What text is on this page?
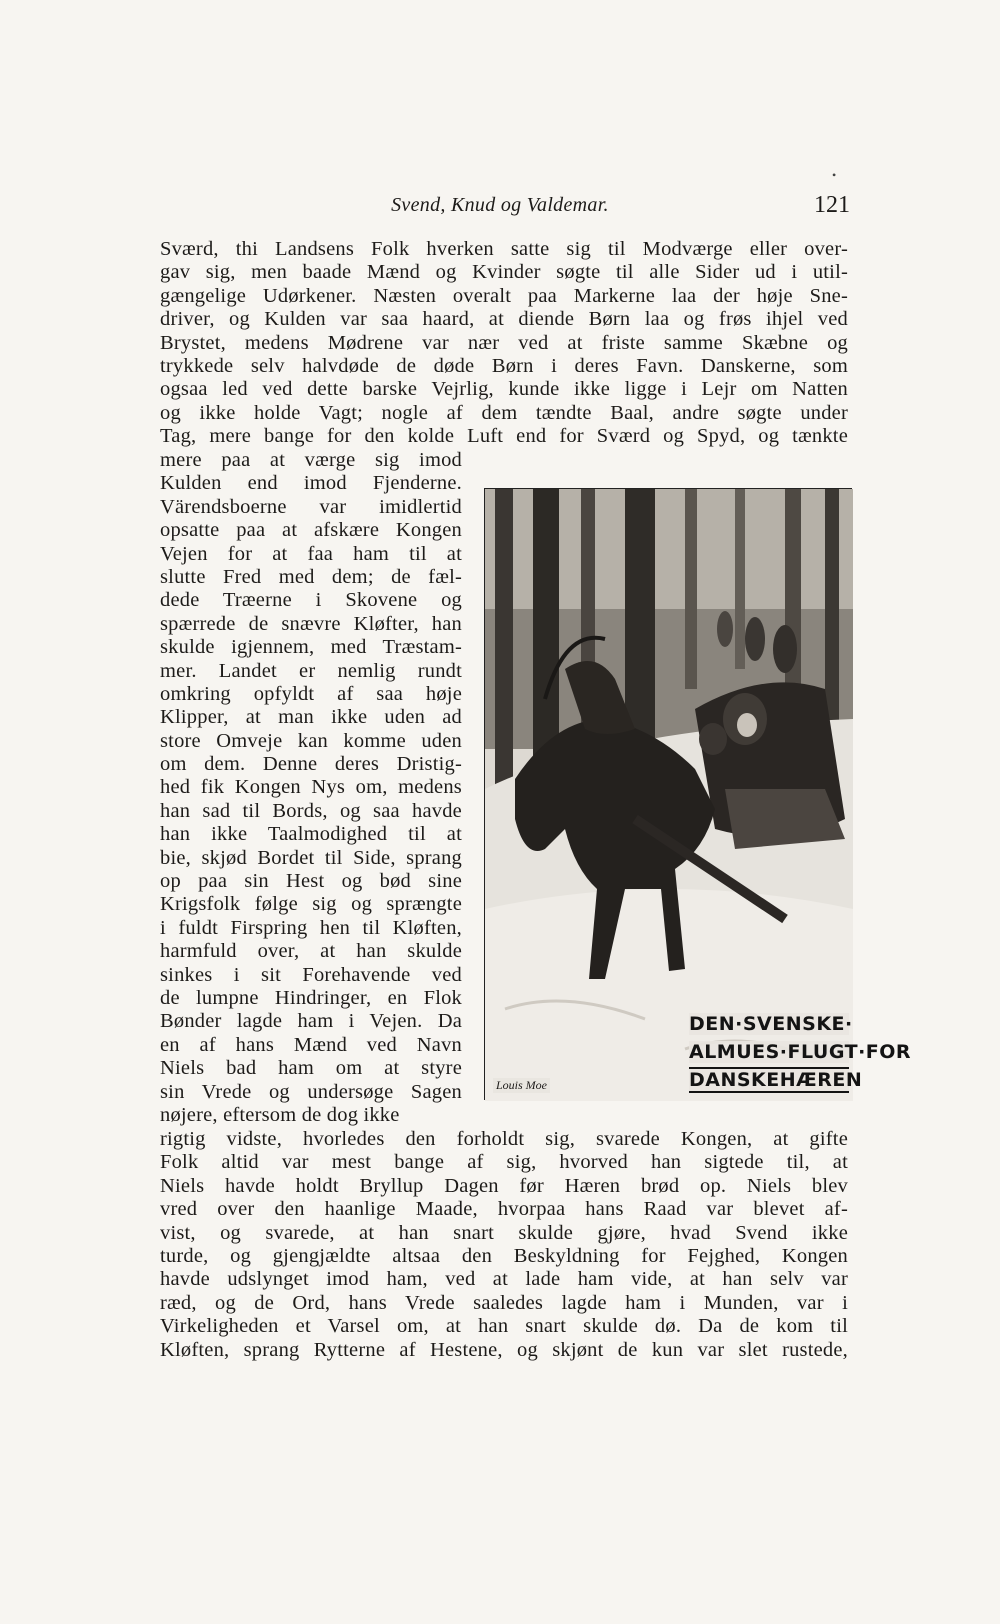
•
Svend, Knud og Valdemar.	121
Sværd, thi Landsens Folk hverken satte sig til Modværge eller over-
gav sig, men baade Mænd og Kvinder søgte til alle Sider ud i util-
gængelige Udørkener. Næsten overalt paa Markerne laa der høje Sne-
driver, og Kulden var saa haard, at diende Børn laa og frøs ihjel ved
Brystet, medens Mødrene var nær ved at friste samme Skæbne og
trykkede selv halvdøde de døde Børn i deres Favn. Danskerne, som
ogsaa led ved dette barske Vejrlig, kunde ikke ligge i Lejr om Natten
og ikke holde Vagt; nogle af dem tændte Baal, andre søgte under
Tag, mere bange for den kolde Luft end for Sværd og Spyd, og tænkte
mere paa at værge sig imod
Kulden end imod Fjenderne.
Värendsboerne var imidlertid
opsatte paa at afskære Kongen
Vejen for at faa ham til at
slutte Fred med dem; de fæl-
dede Træerne i Skovene og
spærrede de snævre Kløfter, han
skulde igjennem, med Træstam-
mer. Landet er nemlig rundt
omkring opfyldt af saa høje
Klipper, at man ikke uden ad
store Omveje kan komme uden
om dem. Denne deres Dristig-
hed fik Kongen Nys om, medens
han sad til Bords, og saa havde
han ikke Taalmodighed til at
bie, skjød Bordet til Side, sprang
op paa sin Hest og bød sine
Krigsfolk følge sig og sprængte
i fuldt Firspring hen til Kløften,
harmfuld over, at han skulde
sinkes i sit Forehavende ved
de lumpne Hindringer, en Flok
Bønder lagde ham i Vejen. Da
en af hans Mænd ved Navn
Niels bad ham om at styre
sin Vrede og undersøge Sagen
nøjere, eftersom de dog ikke
rigtig vidste, hvorledes den forholdt sig, svarede Kongen, at gifte
Folk altid var mest bange af sig, hvorved han sigtede til, at
Niels havde holdt Bryllup Dagen før Hæren brød op. Niels blev
vred over den haanlige Maade, hvorpaa hans Raad var blevet af-
vist, og svarede, at han snart skulde gjøre, hvad Svend ikke
turde, og gjengjældte altsaa den Beskyldning for Fejghed, Kongen
havde udslynget imod ham, ved at lade ham vide, at han selv var
ræd, og de Ord, hans Vrede saaledes lagde ham i Munden, var i
Virkeligheden et Varsel om, at han snart skulde dø. Da de kom til
Kløften, sprang Rytterne af Hestene, og skjønt de kun var slet rustede,
Louis Moe
DEN·SVENSKE·
ALMUES·FLUGT·FOR
DANSKEHÆREN
